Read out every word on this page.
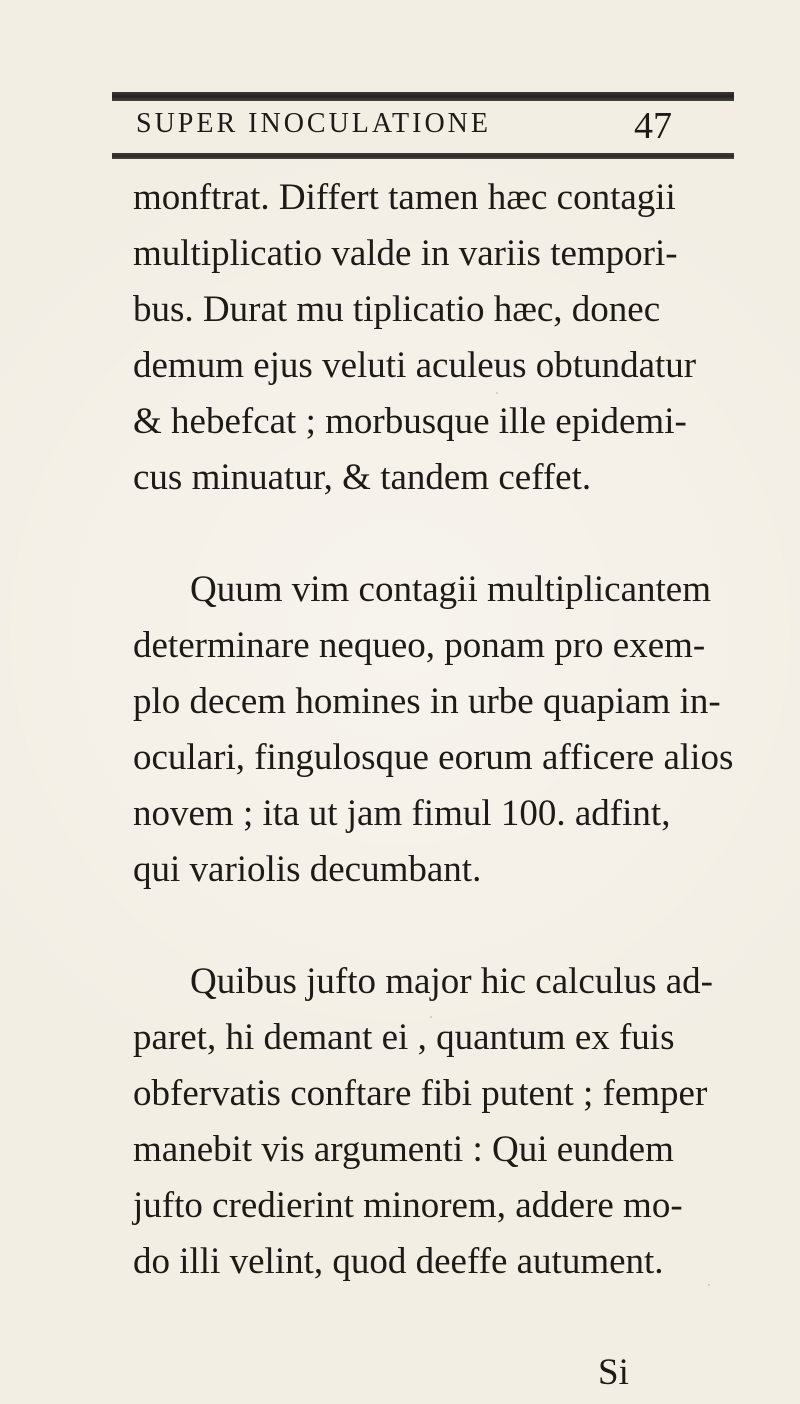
SUPER INOCULATIONE	47

monftrat. Differt tamen hæc contagii
multiplicatio valde in variis tempori-
bus. Durat mu tiplicatio hæc, donec
demum ejus veluti aculeus obtundatur
& hebefcat ; morbusque ille epidemi-
cus minuatur, & tandem ceffet.

Quum vim contagii multiplicantem
determinare nequeo, ponam pro exem-
plo decem homines in urbe quapiam in-
oculari, fingulosque eorum afficere alios
novem ; ita ut jam fimul 100. adfint,
qui variolis decumbant.

Quibus jufto major hic calculus ad-
paret, hi demant ei , quantum ex fuis
obfervatis conftare fibi putent ; femper
manebit vis argumenti : Qui eundem
jufto credierint minorem, addere mo-
do illi velint, quod deeffe autument.

Si
